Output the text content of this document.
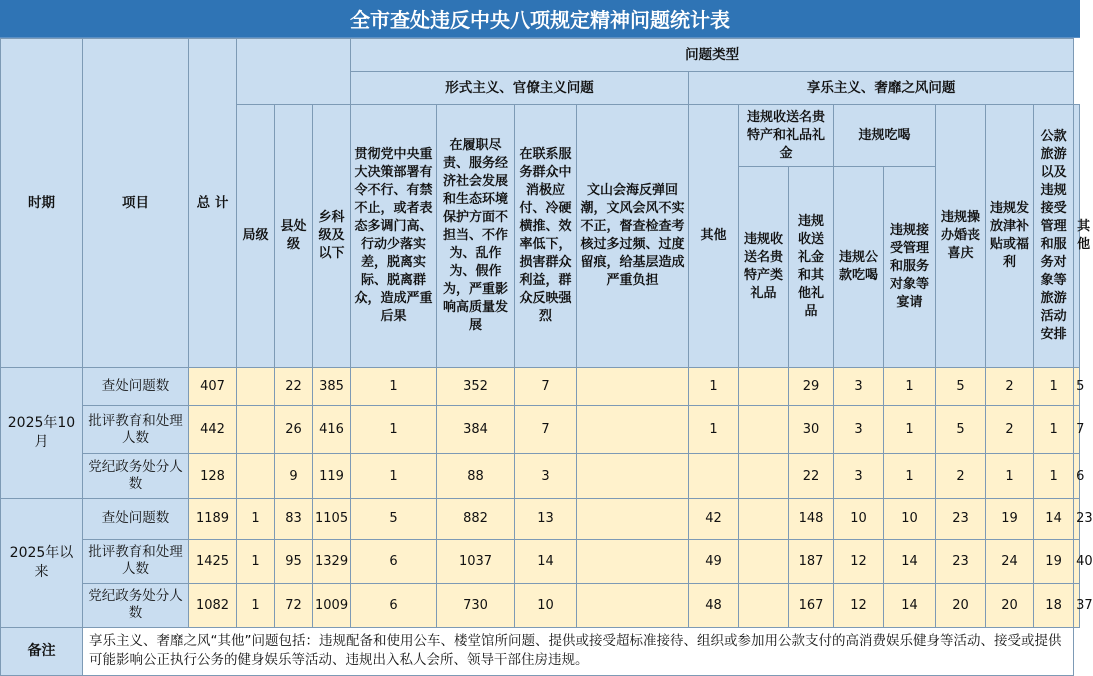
全市查处违反中央八项规定精神问题统计表
时期	项目	总 计				问题类型												
						形式主义、官僚主义问题				享乐主义、奢靡之风问题								
			局级	县处级	乡科级及以下	贯彻党中央重大决策部署有令不行、有禁不止，或者表态多调门高、行动少落实差，脱离实际、脱离群众，造成严重后果	在履职尽责、服务经济社会发展和生态环境保护方面不担当、不作为、乱作为、假作为，严重影响高质量发展	在联系服务群众中消极应付、冷硬横推、效率低下，损害群众利益，群众反映强烈	文山会海反弹回潮，文风会风不实不正，督查检查考核过多过频、过度留痕，给基层造成严重负担	其他	违规收送名贵特产和礼品礼金		违规吃喝		违规操办婚丧喜庆	违规发放津补贴或福利	公款旅游以及违规接受管理和服务对象等旅游活动安排	其他
											违规收送名贵特产类礼品	违规收送礼金和其他礼品	违规公款吃喝	违规接受管理和服务对象等宴请				
2025年10月	查处问题数	407		22	385	1	352	7		1		29	3	1	5	2	1	5
	批评教育和处理人数	442		26	416	1	384	7		1		30	3	1	5	2	1	7
	党纪政务处分人数	128		9	119	1	88	3				22	3	1	2	1	1	6
2025年以来	查处问题数	1189	1	83	1105	5	882	13		42		148	10	10	23	19	14	23
	批评教育和处理人数	1425	1	95	1329	6	1037	14		49		187	12	14	23	24	19	40
	党纪政务处分人数	1082	1	72	1009	6	730	10		48		167	12	14	20	20	18	37
备注	享乐主义、奢靡之风“其他”问题包括：违规配备和使用公车、楼堂馆所问题、提供或接受超标准接待、组织或参加用公款支付的高消费娱乐健身等活动、接受或提供可能影响公正执行公务的健身娱乐等活动、违规出入私人会所、领导干部住房违规。																	
